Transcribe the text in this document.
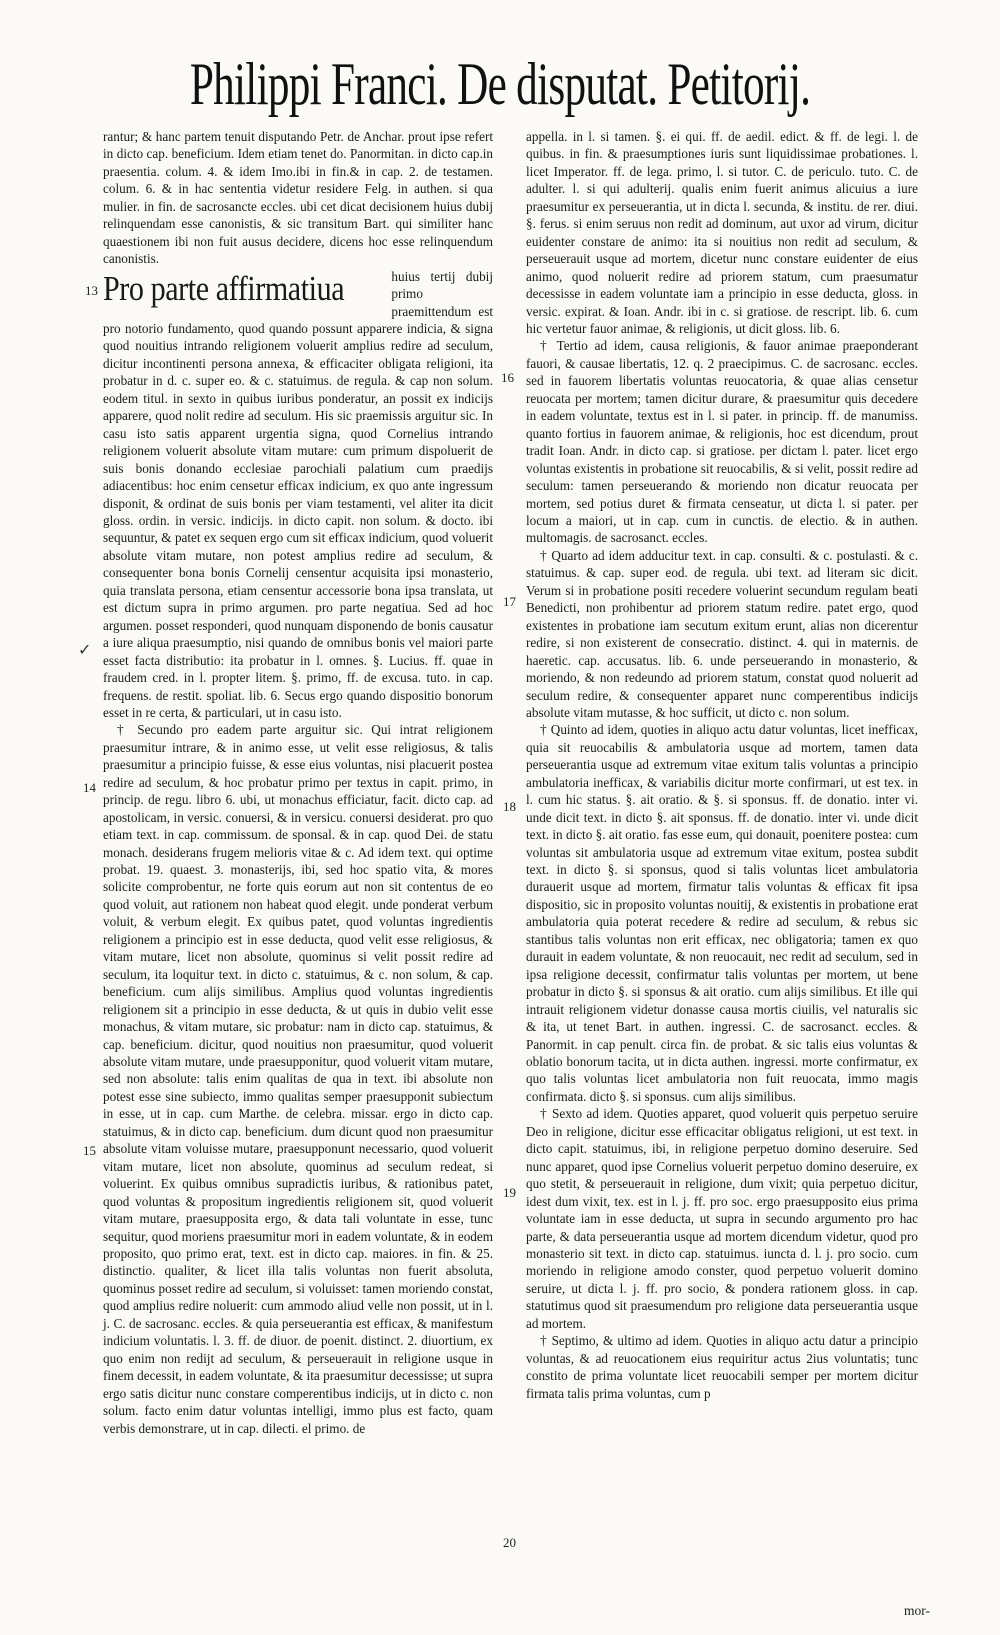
Philippi Franci. De disputat. Petitorij.
13
✓
14
15
16
17
18
19
20

rantur; & hanc partem tenuit disputando Petr. de Anchar. prout ipse refert in dicto cap. beneficium. Idem etiam tenet do. Panormitan. in dicto cap.in praesentia. colum. 4. & idem Imo.ibi in fin.& in cap. 2. de testamen. colum. 6. & in hac sententia videtur residere Felg. in authen. si qua mulier. in fin. de sacrosancte eccles. ubi cet dicat decisionem huius dubij relinquendam esse canonistis, & sic transitum Bart. qui similiter hanc quaestionem ibi non fuit ausus decidere, dicens hoc esse relinquendum canonistis.

Pro parte affirmatiua	huius tertij dubij primo praemittendum est pro notorio fundamento, quod quando possunt apparere indicia, & signa quod nouitius intrando religionem voluerit amplius redire ad seculum, dicitur incontinenti persona annexa, & efficaciter obligata religioni, ita probatur in d. c. super eo. & c. statuimus. de regula. & cap non solum. eodem titul. in sexto in quibus iuribus ponderatur, an possit ex indicijs apparere, quod nolit redire ad seculum. His sic praemissis arguitur sic. In casu isto satis apparent urgentia signa, quod Cornelius intrando religionem voluerit absolute vitam mutare: cum primum dispoluerit de suis bonis donando ecclesiae parochiali palatium cum praedijs adiacentibus: hoc enim censetur efficax indicium, ex quo ante ingressum disponit, & ordinat de suis bonis per viam testamenti, vel aliter ita dicit gloss. ordin. in versic. indicijs. in dicto capit. non solum. & docto. ibi sequuntur, & patet ex sequen ergo cum sit efficax indicium, quod voluerit absolute vitam mutare, non potest amplius redire ad seculum, & consequenter bona bonis Cornelij censentur acquisita ipsi monasterio, quia translata persona, etiam censentur accessorie bona ipsa translata, ut est dictum supra in primo argumen. pro parte negatiua. Sed ad hoc argumen. posset responderi, quod nunquam disponendo de bonis causatur a iure aliqua praesumptio, nisi quando de omnibus bonis vel maiori parte esset facta distributio: ita probatur in l. omnes. §. Lucius. ff. quae in fraudem cred. in l. propter litem. §. primo, ff. de excusa. tuto. in cap. frequens. de restit. spoliat. lib. 6. Secus ergo quando dispositio bonorum esset in re certa, & particulari, ut in casu isto.

† Secundo pro eadem parte arguitur sic. Qui intrat religionem praesumitur intrare, & in animo esse, ut velit esse religiosus, & talis praesumitur a principio fuisse, & esse eius voluntas, nisi placuerit postea redire ad seculum, & hoc probatur primo per textus in capit. primo, in princip. de regu. libro 6. ubi, ut monachus efficiatur, facit. dicto cap. ad apostolicam, in versic. conuersi, & in versicu. conuersi desiderat. pro quo etiam text. in cap. commissum. de sponsal. & in cap. quod Dei. de statu monach. desiderans frugem melioris vitae & c. Ad idem text. qui optime probat. 19. quaest. 3. monasterijs, ibi, sed hoc spatio vita, & mores solicite comprobentur, ne forte quis eorum aut non sit contentus de eo quod voluit, aut rationem non habeat quod elegit. unde ponderat verbum voluit, & verbum elegit. Ex quibus patet, quod voluntas ingredientis religionem a principio est in esse deducta, quod velit esse religiosus, & vitam mutare, licet non absolute, quominus si velit possit redire ad seculum, ita loquitur text. in dicto c. statuimus, & c. non solum, & cap. beneficium. cum alijs similibus. Amplius quod voluntas ingredientis religionem sit a principio in esse deducta, & ut quis in dubio velit esse monachus, & vitam mutare, sic probatur: nam in dicto cap. statuimus, & cap. beneficium. dicitur, quod nouitius non praesumitur, quod voluerit absolute vitam mutare, unde praesupponitur, quod voluerit vitam mutare, sed non absolute: talis enim qualitas de qua in text. ibi absolute non potest esse sine subiecto, immo qualitas semper praesupponit subiectum in esse, ut in cap. cum Marthe. de celebra. missar. ergo in dicto cap. statuimus, & in dicto cap. beneficium. dum dicunt quod non praesumitur absolute vitam voluisse mutare, praesupponunt necessario, quod voluerit vitam mutare, licet non absolute, quominus ad seculum redeat, si voluerint. Ex quibus omnibus supradictis iuribus, & rationibus patet, quod voluntas & propositum ingredientis religionem sit, quod voluerit vitam mutare, praesupposita ergo, & data tali voluntate in esse, tunc sequitur, quod moriens praesumitur mori in eadem voluntate, & in eodem proposito, quo primo erat, text. est in dicto cap. maiores. in fin. & 25. distinctio. qualiter, & licet illa talis voluntas non fuerit absoluta, quominus posset redire ad seculum, si voluisset: tamen moriendo constat, quod amplius redire noluerit: cum ammodo aliud velle non possit, ut in l. j. C. de sacrosanc. eccles. & quia perseuerantia est efficax, & manifestum indicium voluntatis. l. 3. ff. de diuor. de poenit. distinct. 2. diuortium, ex quo enim non redijt ad seculum, & perseuerauit in religione usque in finem decessit, in eadem voluntate, & ita praesumitur decessisse; ut supra ergo satis dicitur nunc constare comperentibus indicijs, ut in dicto c. non solum. facto enim datur voluntas intelligi, immo plus est facto, quam verbis demonstrare, ut in cap. dilecti. el primo. de

appella. in l. si tamen. §. ei qui. ff. de aedil. edict. & ff. de legi. l. de quibus. in fin. & praesumptiones iuris sunt liquidissimae probationes. l. licet Imperator. ff. de lega. primo, l. si tutor. C. de periculo. tuto. C. de adulter. l. si qui adulterij. qualis enim fuerit animus alicuius a iure praesumitur ex perseuerantia, ut in dicta l. secunda, & institu. de rer. diui. §. ferus. si enim seruus non redit ad dominum, aut uxor ad virum, dicitur euidenter constare de animo: ita si nouitius non redit ad seculum, & perseuerauit usque ad mortem, dicetur nunc constare euidenter de eius animo, quod noluerit redire ad priorem statum, cum praesumatur decessisse in eadem voluntate iam a principio in esse deducta, gloss. in versic. expirat. & Ioan. Andr. ibi in c. si gratiose. de rescript. lib. 6. cum hic vertetur fauor animae, & religionis, ut dicit gloss. lib. 6.

† Tertio ad idem, causa religionis, & fauor animae praeponderant fauori, & causae libertatis, 12. q. 2 praecipimus. C. de sacrosanc. eccles. sed in fauorem libertatis voluntas reuocatoria, & quae alias censetur reuocata per mortem; tamen dicitur durare, & praesumitur quis decedere in eadem voluntate, textus est in l. si pater. in princip. ff. de manumiss. quanto fortius in fauorem animae, & religionis, hoc est dicendum, prout tradit Ioan. Andr. in dicto cap. si gratiose. per dictam l. pater. licet ergo voluntas existentis in probatione sit reuocabilis, & si velit, possit redire ad seculum: tamen perseuerando & moriendo non dicatur reuocata per mortem, sed potius duret & firmata censeatur, ut dicta l. si pater. per locum a maiori, ut in cap. cum in cunctis. de electio. & in authen. multomagis. de sacrosanct. eccles.

† Quarto ad idem adducitur text. in cap. consulti. & c. postulasti. & c. statuimus. & cap. super eod. de regula. ubi text. ad literam sic dicit. Verum si in probatione positi recedere voluerint secundum regulam beati Benedicti, non prohibentur ad priorem statum redire. patet ergo, quod existentes in probatione iam secutum exitum erunt, alias non dicerentur redire, si non existerent de consecratio. distinct. 4. qui in maternis. de haeretic. cap. accusatus. lib. 6. unde perseuerando in monasterio, & moriendo, & non redeundo ad priorem statum, constat quod noluerit ad seculum redire, & consequenter apparet nunc comperentibus indicijs absolute vitam mutasse, & hoc sufficit, ut dicto c. non solum.

† Quinto ad idem, quoties in aliquo actu datur voluntas, licet inefficax, quia sit reuocabilis & ambulatoria usque ad mortem, tamen data perseuerantia usque ad extremum vitae exitum talis voluntas a principio ambulatoria inefficax, & variabilis dicitur morte confirmari, ut est tex. in l. cum hic status. §. ait oratio. & §. si sponsus. ff. de donatio. inter vi. unde dicit text. in dicto §. ait sponsus. ff. de donatio. inter vi. unde dicit text. in dicto §. ait oratio. fas esse eum, qui donauit, poenitere postea: cum voluntas sit ambulatoria usque ad extremum vitae exitum, postea subdit text. in dicto §. si sponsus, quod si talis voluntas licet ambulatoria durauerit usque ad mortem, firmatur talis voluntas & efficax fit ipsa dispositio, sic in proposito voluntas nouitij, & existentis in probatione erat ambulatoria quia poterat recedere & redire ad seculum, & rebus sic stantibus talis voluntas non erit efficax, nec obligatoria; tamen ex quo durauit in eadem voluntate, & non reuocauit, nec redit ad seculum, sed in ipsa religione decessit, confirmatur talis voluntas per mortem, ut bene probatur in dicto §. si sponsus & ait oratio. cum alijs similibus. Et ille qui intrauit religionem videtur donasse causa mortis ciuilis, vel naturalis sic & ita, ut tenet Bart. in authen. ingressi. C. de sacrosanct. eccles. & Panormit. in cap penult. circa fin. de probat. & sic talis eius voluntas & oblatio bonorum tacita, ut in dicta authen. ingressi. morte confirmatur, ex quo talis voluntas licet ambulatoria non fuit reuocata, immo magis confirmata. dicto §. si sponsus. cum alijs similibus.

† Sexto ad idem. Quoties apparet, quod voluerit quis perpetuo seruire Deo in religione, dicitur esse efficacitar obligatus religioni, ut est text. in dicto capit. statuimus, ibi, in religione perpetuo domino deseruire. Sed nunc apparet, quod ipse Cornelius voluerit perpetuo domino deseruire, ex quo stetit, & perseuerauit in religione, dum vixit; quia perpetuo dicitur, idest dum vixit, tex. est in l. j. ff. pro soc. ergo praesupposito eius prima voluntate iam in esse deducta, ut supra in secundo argumento pro hac parte, & data perseuerantia usque ad mortem dicendum videtur, quod pro monasterio sit text. in dicto cap. statuimus. iuncta d. l. j. pro socio. cum moriendo in religione amodo conster, quod perpetuo voluerit domino seruire, ut dicta l. j. ff. pro socio, & pondera rationem gloss. in cap. statutimus quod sit praesumendum pro religione data perseuerantia usque ad mortem.

† Septimo, & ultimo ad idem. Quoties in aliquo actu datur a principio voluntas, & ad reuocationem eius requiritur actus 2ius voluntatis; tunc constito de prima voluntate licet reuocabili semper per mortem dicitur firmata talis prima voluntas, cum p

mor-
